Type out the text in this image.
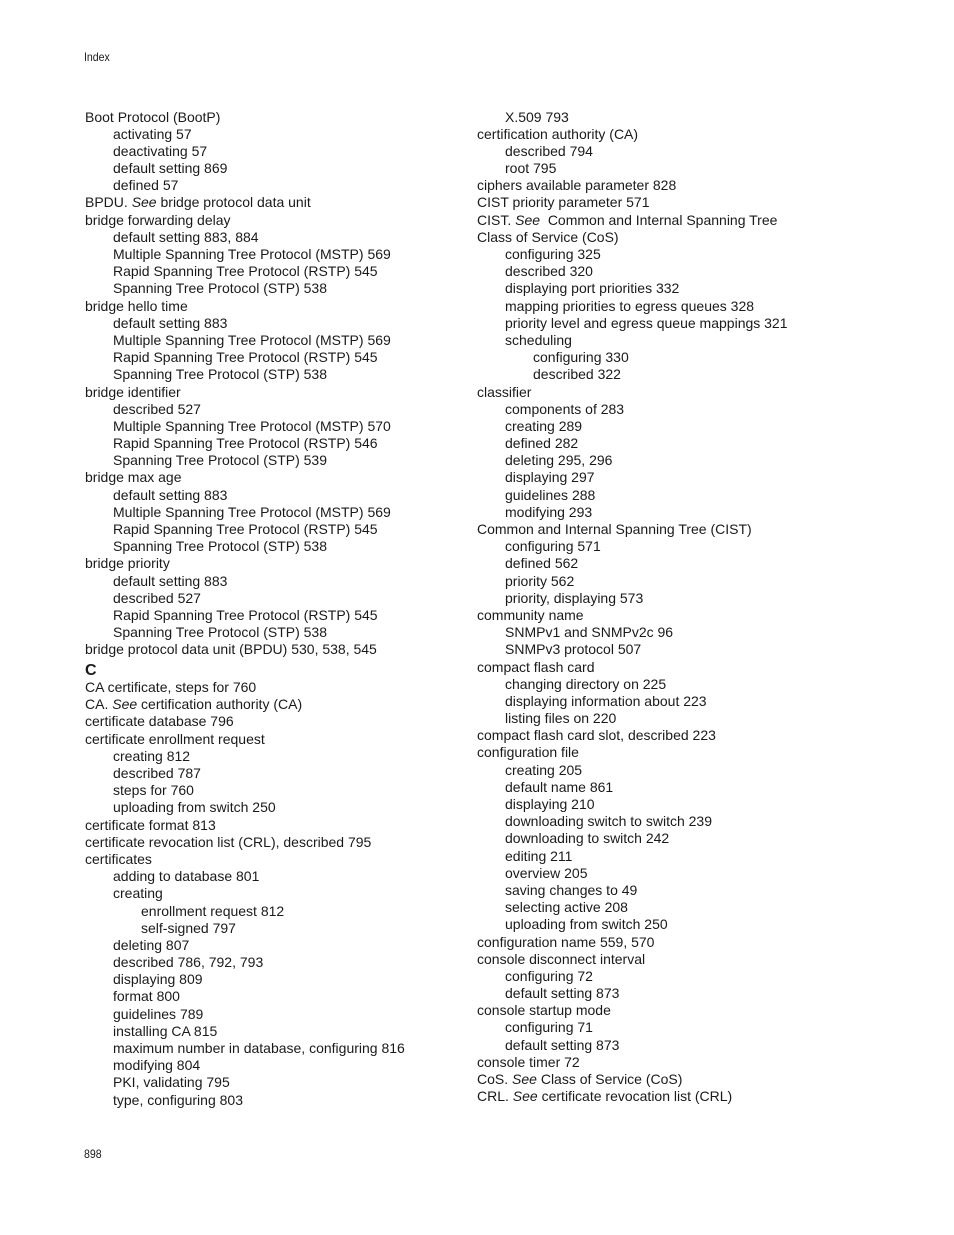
Index
Boot Protocol (BootP)
activating 57
deactivating 57
default setting 869
defined 57
BPDU. See bridge protocol data unit
bridge forwarding delay
default setting 883, 884
Multiple Spanning Tree Protocol (MSTP) 569
Rapid Spanning Tree Protocol (RSTP) 545
Spanning Tree Protocol (STP) 538
bridge hello time
default setting 883
Multiple Spanning Tree Protocol (MSTP) 569
Rapid Spanning Tree Protocol (RSTP) 545
Spanning Tree Protocol (STP) 538
bridge identifier
described 527
Multiple Spanning Tree Protocol (MSTP) 570
Rapid Spanning Tree Protocol (RSTP) 546
Spanning Tree Protocol (STP) 539
bridge max age
default setting 883
Multiple Spanning Tree Protocol (MSTP) 569
Rapid Spanning Tree Protocol (RSTP) 545
Spanning Tree Protocol (STP) 538
bridge priority
default setting 883
described 527
Rapid Spanning Tree Protocol (RSTP) 545
Spanning Tree Protocol (STP) 538
bridge protocol data unit (BPDU) 530, 538, 545
C
CA certificate, steps for 760
CA. See certification authority (CA)
certificate database 796
certificate enrollment request
creating 812
described 787
steps for 760
uploading from switch 250
certificate format 813
certificate revocation list (CRL), described 795
certificates
adding to database 801
creating
enrollment request 812
self-signed 797
deleting 807
described 786, 792, 793
displaying 809
format 800
guidelines 789
installing CA 815
maximum number in database, configuring 816
modifying 804
PKI, validating 795
type, configuring 803
X.509 793
certification authority (CA)
described 794
root 795
ciphers available parameter 828
CIST priority parameter 571
CIST. See  Common and Internal Spanning Tree
Class of Service (CoS)
configuring 325
described 320
displaying port priorities 332
mapping priorities to egress queues 328
priority level and egress queue mappings 321
scheduling
configuring 330
described 322
classifier
components of 283
creating 289
defined 282
deleting 295, 296
displaying 297
guidelines 288
modifying 293
Common and Internal Spanning Tree (CIST)
configuring 571
defined 562
priority 562
priority, displaying 573
community name
SNMPv1 and SNMPv2c 96
SNMPv3 protocol 507
compact flash card
changing directory on 225
displaying information about 223
listing files on 220
compact flash card slot, described 223
configuration file
creating 205
default name 861
displaying 210
downloading switch to switch 239
downloading to switch 242
editing 211
overview 205
saving changes to 49
selecting active 208
uploading from switch 250
configuration name 559, 570
console disconnect interval
configuring 72
default setting 873
console startup mode
configuring 71
default setting 873
console timer 72
CoS. See Class of Service (CoS)
CRL. See certificate revocation list (CRL)
898
